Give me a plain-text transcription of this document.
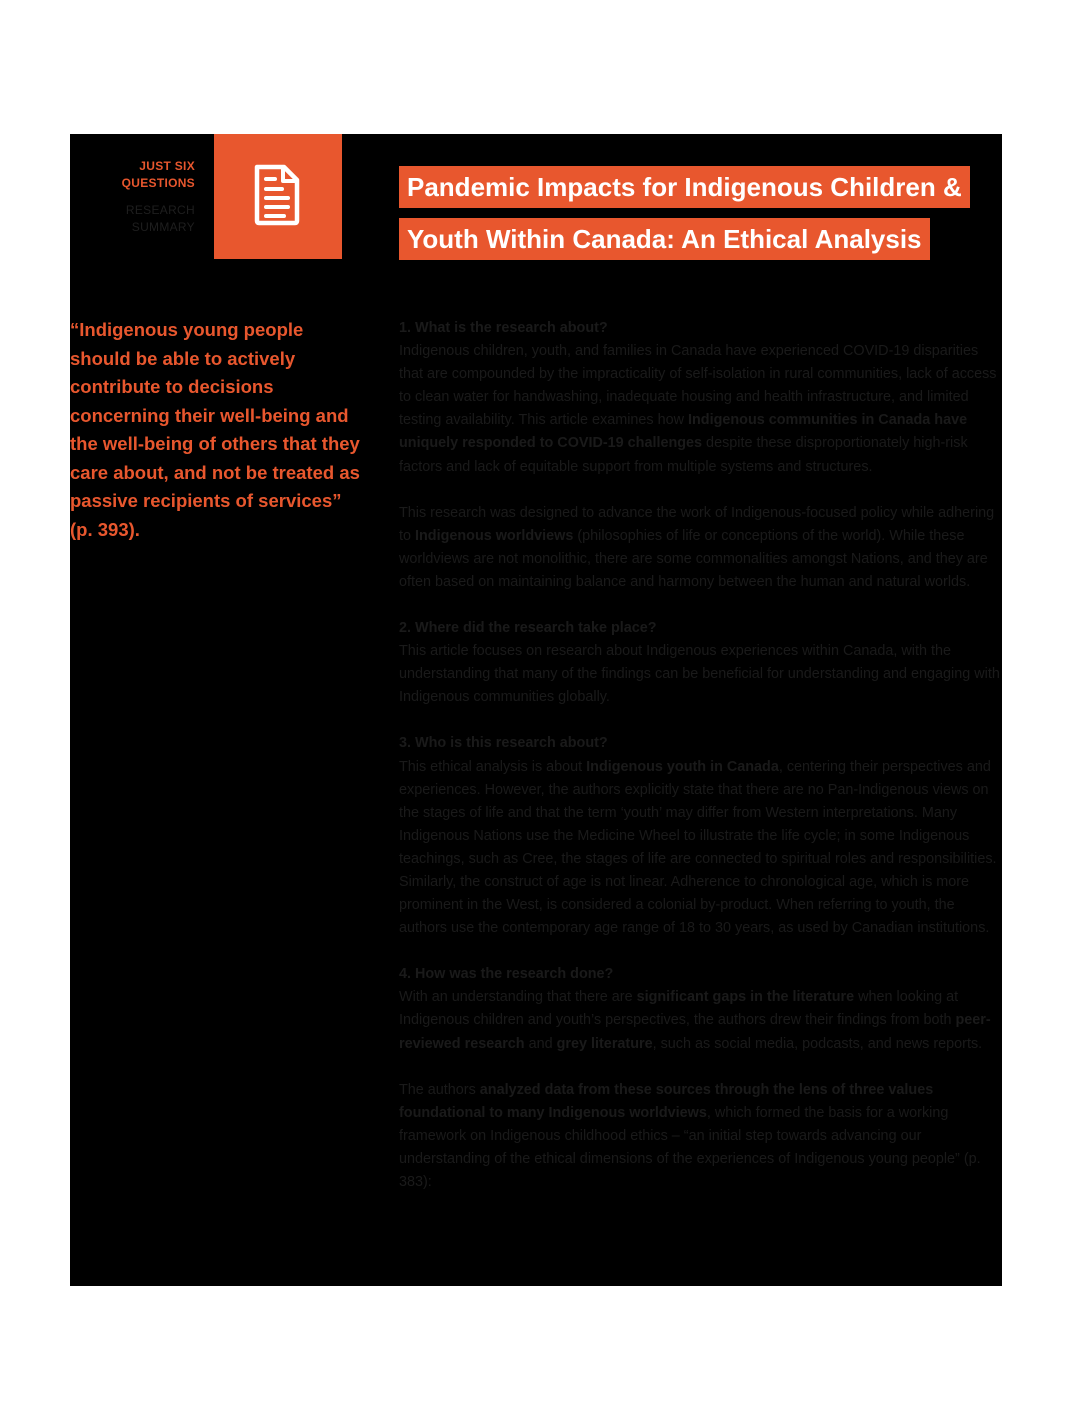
JUST SIX
QUESTIONS
RESEARCH
SUMMARY
Pandemic Impacts for Indigenous Children &
Youth Within Canada: An Ethical Analysis
“Indigenous young people should be able to actively contribute to decisions concerning their well-being and the well-being of others that they care about, and not be treated as passive recipients of services” (p. 393).

1. What is the research about?
Indigenous children, youth, and families in Canada have experienced COVID-19 disparities that are compounded by the impracticality of self-isolation in rural communities, lack of access to clean water for handwashing, inadequate housing and health infrastructure, and limited testing availability. This article examines how Indigenous communities in Canada have uniquely responded to COVID-19 challenges despite these disproportionately high-risk factors and lack of equitable support from multiple systems and structures.

This research was designed to advance the work of Indigenous-focused policy while adhering to Indigenous worldviews (philosophies of life or conceptions of the world). While these worldviews are not monolithic, there are some commonalities amongst Nations, and they are often based on maintaining balance and harmony between the human and natural worlds.

2. Where did the research take place?
This article focuses on research about Indigenous experiences within Canada, with the understanding that many of the findings can be beneficial for understanding and engaging with Indigenous communities globally.

3. Who is this research about?
This ethical analysis is about Indigenous youth in Canada, centering their perspectives and experiences. However, the authors explicitly state that there are no Pan-Indigenous views on the stages of life and that the term ‘youth’ may differ from Western interpretations. Many Indigenous Nations use the Medicine Wheel to illustrate the life cycle; in some Indigenous teachings, such as Cree, the stages of life are connected to spiritual roles and responsibilities. Similarly, the construct of age is not linear. Adherence to chronological age, which is more prominent in the West, is considered a colonial by-product. When referring to youth, the authors use the contemporary age range of 18 to 30 years, as used by Canadian institutions.

4. How was the research done?
With an understanding that there are significant gaps in the literature when looking at Indigenous children and youth’s perspectives, the authors drew their findings from both peer-reviewed research and grey literature, such as social media, podcasts, and news reports.

The authors analyzed data from these sources through the lens of three values foundational to many Indigenous worldviews, which formed the basis for a working framework on Indigenous childhood ethics – “an initial step towards advancing our understanding of the ethical dimensions of the experiences of Indigenous young people” (p. 383):
